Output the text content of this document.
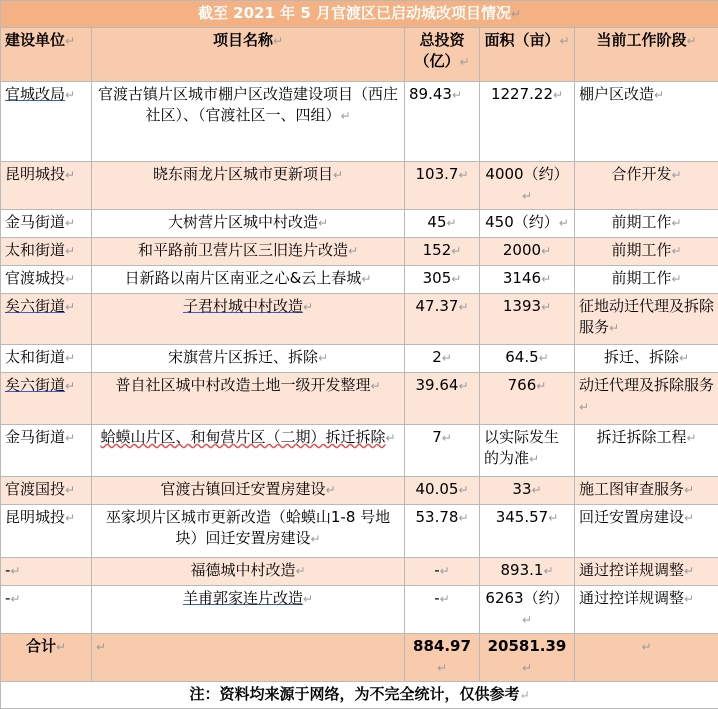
截至 2021 年 5 月官渡区已启动城改项目情况↵				
建设单位↵	项目名称↵	总投资（亿）↵	面积（亩）↵	当前工作阶段↵
官城改局↵	官渡古镇片区城市棚户区改造建设项目（西庄社区）、（官渡社区一、四组）↵	89.43↵	1227.22↵	棚户区改造↵
昆明城投↵	晓东雨龙片区城市更新项目↵	103.7↵	4000（约）↵	合作开发↵
金马街道↵	大树营片区城中村改造↵	45↵	450（约）↵	前期工作↵
太和街道↵	和平路前卫营片区三旧连片改造↵	152↵	2000↵	前期工作↵
官渡城投↵	日新路以南片区南亚之心&云上春城↵	305↵	3146↵	前期工作↵
矣六街道↵	子君村城中村改造↵	47.37↵	1393↵	征地动迁代理及拆除服务↵
太和街道↵	宋旗营片区拆迁、拆除↵	2↵	64.5↵	拆迁、拆除↵
矣六街道↵	普自社区城中村改造土地一级开发整理↵	39.64↵	766↵	动迁代理及拆除服务↵
金马街道↵	蛤蟆山片区、和甸营片区（二期）拆迁拆除↵	7↵	以实际发生的为准↵	拆迁拆除工程↵
官渡国投↵	官渡古镇回迁安置房建设↵	40.05↵	33↵	施工图审查服务↵
昆明城投↵	巫家坝片区城市更新改造（蛤蟆山1-8 号地块）回迁安置房建设↵	53.78↵	345.57↵	回迁安置房建设↵
-↵	福德城中村改造↵	-↵	893.1↵	通过控详规调整↵
-↵	羊甫郭家连片改造↵	-↵	6263（约）↵	通过控详规调整↵
合计↵	↵	884.97↵	20581.39↵	↵
注：资料均来源于网络，为不完全统计，仅供参考↵				
